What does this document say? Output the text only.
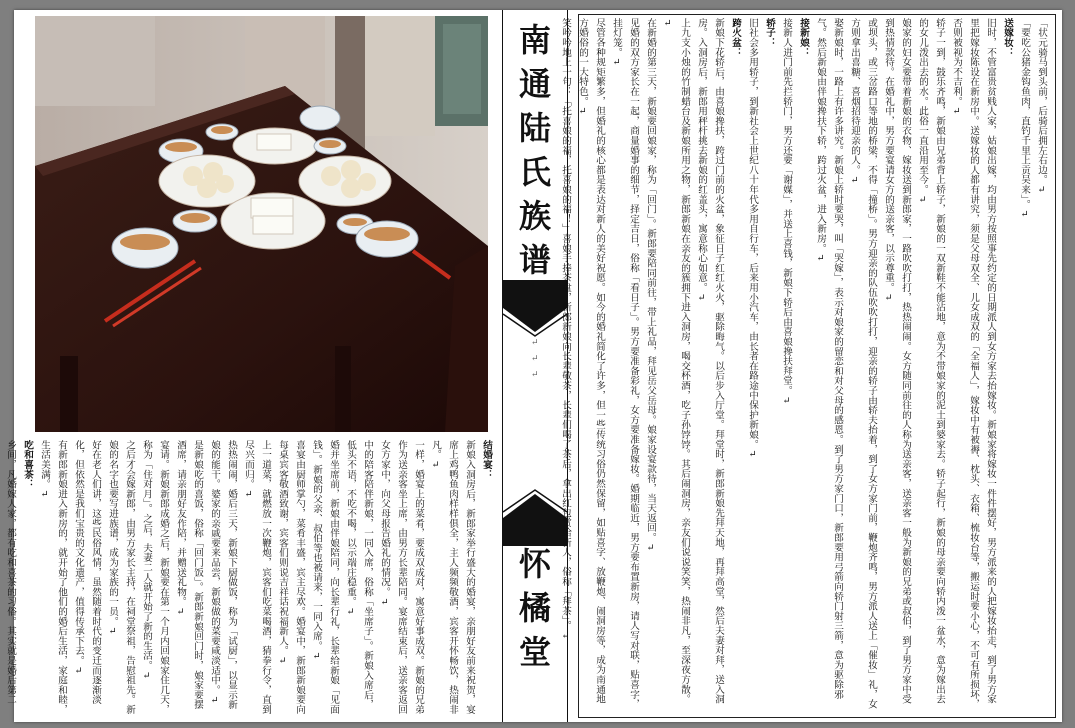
结婚宴：

新娘入洞房后，新郎家举行盛大的婚宴，亲朋好友前来祝贺，宴席上鸡鸭鱼肉样样俱全，主人频频敬酒，宾客开怀畅饮，热闹非凡。↵

一样，婚宴上的菜肴，要成双成对，寓意好事成双。新娘的兄弟作为送亲客坐上席，由男方长辈陪同。宴席结束后，送亲客返回女方家中，向父母报告婚礼的情况。↵

中的陪客陪伴新娘，一同入席，俗称「坐席子」。新娘入席后，低头不语，不吃不喝，以示端庄稳重。↵

婚并坐席前，新娘由伴娘陪同，向长辈行礼，长辈给新娘「见面钱」。新娘的父亲、叔伯等也被请来，一同入席。↵

喜宴由厨师掌勺，菜肴丰盛，宾主尽欢。婚宴中，新郎新娘要向每桌宾客敬酒致谢，宾客们则说吉祥话祝福新人。↵

上一道菜，就燃放一次鞭炮，宾客们吃菜喝酒，猜拳行令，直到尽兴而归。↵

热热闹闹，婚后三天，新娘下厨做饭，称为「试厨」，以显示新娘的能干。婆家的亲戚要来品尝，新娘做的菜要咸淡适中。↵

是新娘吃的喜饭，俗称「回门饭」。新郎新娘回门时，娘家要摆酒席，请亲朋好友作陪，并赠送礼物。↵

宴请。新娘新郎成婚之后，新娘要在第一个月内回娘家住几天，称为「住对月」。之后，夫妻二人就开始了新的生活。↵

之后才会嫁新郎，由男方家长主持，在祠堂祭祖，告慰祖先。新娘的名字也要写进族谱，成为家族的一员。↵

好在老人们讲，这些民俗风情，虽然随着时代的变迁而逐渐淡化，但依然是我们宝贵的文化遗产，值得传承下去。↵

有新郎新娘进入新房的，就开始了他们的婚后生活，家庭和睦，生活美满。↵

吃和喜茶：

乡间，凡婚嫁人家，都有吃和喜茶的习俗。其实就是婚后第二

南
通
陆
氏
族
谱
↵
↵
↵
怀
橘
堂

「状元骑马到头前，后骑后拥左右边。↵

「要吃公猪金钩鱼肉，直钓千里上贡吴来」。↵

送嫁妆：

旧时，不管富贵贫贱人家，姑娘出嫁，均由男方按照事先约定的日期派人到女方家去抬嫁妆。新娘家将嫁妆一件件摆好，男方派来的人把嫁妆抬走，到了男方家里把嫁妆陈设在新房中。送嫁妆的人都有讲究，须是父母双全、儿女成双的「全福人」，嫁妆中有被褥、枕头、衣箱、梳妆台等，搬运时要小心，不可有所损坏，否则被视为不吉利。↵

轿子一到，鼓乐齐鸣，新娘由兄弟背上轿子，新娘的一双新鞋不能沾地，意为不带娘家的泥土到婆家去。轿子起行，新娘的母亲要向轿内泼一盆水，意为嫁出去的女儿泼出去的水。此俗一直沿用至今。↵

娘家的妇女要带着新娘的衣物、嫁妆送到新郎家，一路吹吹打打，热热闹闹。女方随同前往的人称为送亲客，送亲客一般为新娘的兄弟或叔伯，到了男方家中受到热情款待。在婚礼中，男方要宴请女方的送亲客，以示尊重。↵

或坝头，或三岔路口等地的桥梁，不得「撞桥」。男方迎亲的队伍吹吹打打，迎亲的轿子由轿夫抬着，到了女方家门前，鞭炮齐鸣，男方派人送上「催妆」礼，女方则拿出喜糖、喜烟招待迎亲的人。↵

娶新娘时，一路上有许多讲究。新娘上轿时要哭，叫「哭嫁」，表示对娘家的留恋和对父母的感恩。到了男方家门口，新郎要用弓箭向轿门射三箭，意为驱除邪气。然后新娘由伴娘搀扶下轿，跨过火盆，进入新房。↵

接新娘：

接新人进门前先拦轿门，男方还要「谢媒」，并送上喜钱，新娘下轿后由喜娘搀扶拜堂。↵

轿子：

旧社会多用轿子，到新社会上世纪八十年代多用自行车，后来用小汽车，由长者在路途中保护新娘。↵

跨火盆：

新娘下花轿后，由喜娘搀扶，跨过门前的火盆，象征日子红红火火，驱除晦气。以后步入厅堂。拜堂时，新郎新娘先拜天地，再拜高堂，然后夫妻对拜，送入洞房。入洞房后，新郎用秤杆挑去新娘的红盖头，寓意称心如意。↵

上九支小烛的竹制蜡台及新娘所用之物，新郎新娘在亲友的簇拥下进入洞房，喝交杯酒，吃子孙饽饽。其后闹洞房，亲友们说说笑笑，热闹非凡，至深夜方散。↵

在新婚的第三天，新娘要回娘家，称为「回门」。新郎要陪同前往，带上礼品，拜见岳父岳母。娘家设宴款待，当天返回。↵

见婚的双方家长在一起，商量婚事的细节，择定吉日，俗称「看日子」。男方要准备彩礼，女方要准备嫁妆。婚期临近，男方要布置新房，请人写对联，贴喜字，挂灯笼。↵

尽管各种规矩繁多，但婚礼的核心都是表达对新人的美好祝愿。如今的婚礼简化了许多，但一些传统习俗仍然保留，如贴喜字、放鞭炮、闹洞房等，成为南通地方婚俗的一大特色。↵

笑吟吟地上一句：「托喜娘的福，托喜娘的福！」喜娘手捧茶盘，新郎新娘向长辈敬茶，长辈们喝了茶后，拿出红包赏给新人，俗称「拜茶」。↵
